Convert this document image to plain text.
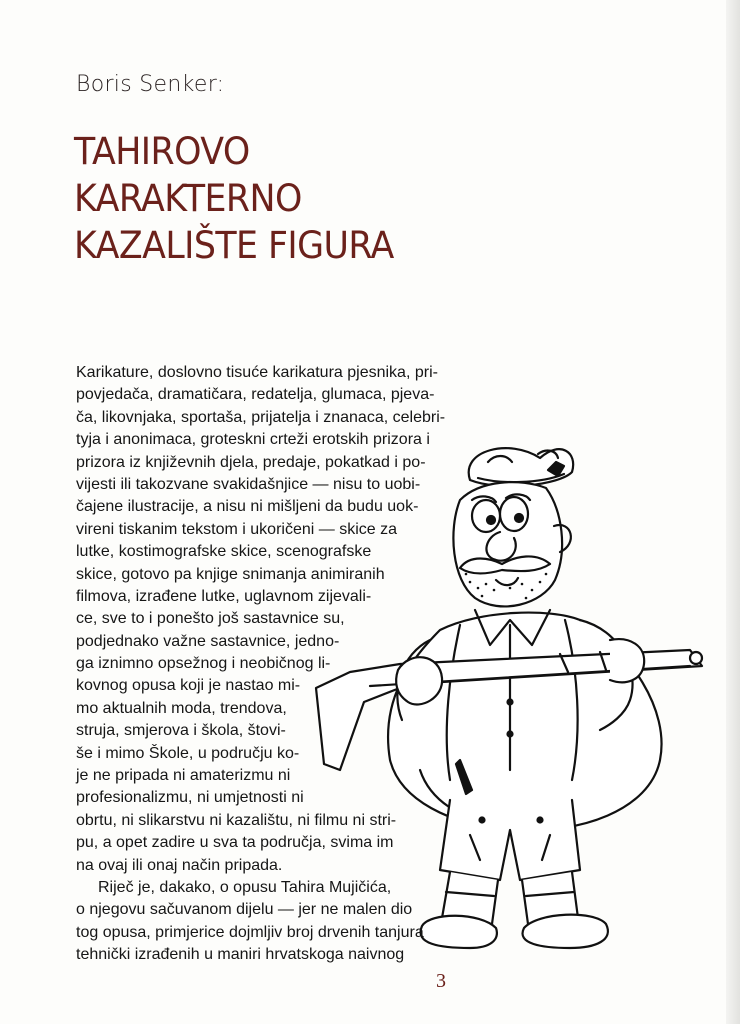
Boris Senker:
TAHIROVO
KARAKTERNO
KAZALIŠTE FIGURA
Karikature, doslovno tisuće karikatura pjesnika, pri-
povjedača, dramatičara, redatelja, glumaca, pjeva-
ča, likovnjaka, sportaša, prijatelja i znanaca, celebri-
tyja i anonimaca, groteskni crteži erotskih prizora i
prizora iz književnih djela, predaje, pokatkad i po-
vijesti ili takozvane svakidašnjice — nisu to uobi-
čajene ilustracije, a nisu ni mišljeni da budu uok-
vireni tiskanim tekstom i ukoričeni — skice za
lutke, kostimografske skice, scenografske
skice, gotovo pa knjige snimanja animiranih
filmova, izrađene lutke, uglavnom zijevali-
ce, sve to i ponešto još sastavnice su,
podjednako važne sastavnice, jedno-
ga iznimno opsežnog i neobičnog li-
kovnog opusa koji je nastao mi-
mo aktualnih moda, trendova,
struja, smjerova i škola, štovi-
še i mimo Škole, u području ko-
je ne pripada ni amaterizmu ni
profesionalizmu, ni umjetnosti ni
obrtu, ni slikarstvu ni kazalištu, ni filmu ni stri-
pu, a opet zadire u sva ta područja, svima im
na ovaj ili onaj način pripada.
Riječ je, dakako, o opusu Tahira Mujičića,
o njegovu sačuvanom dijelu — jer ne malen dio
tog opusa, primjerice dojmljiv broj drvenih tanjura
tehnički izrađenih u maniri hrvatskoga naivnog
3
